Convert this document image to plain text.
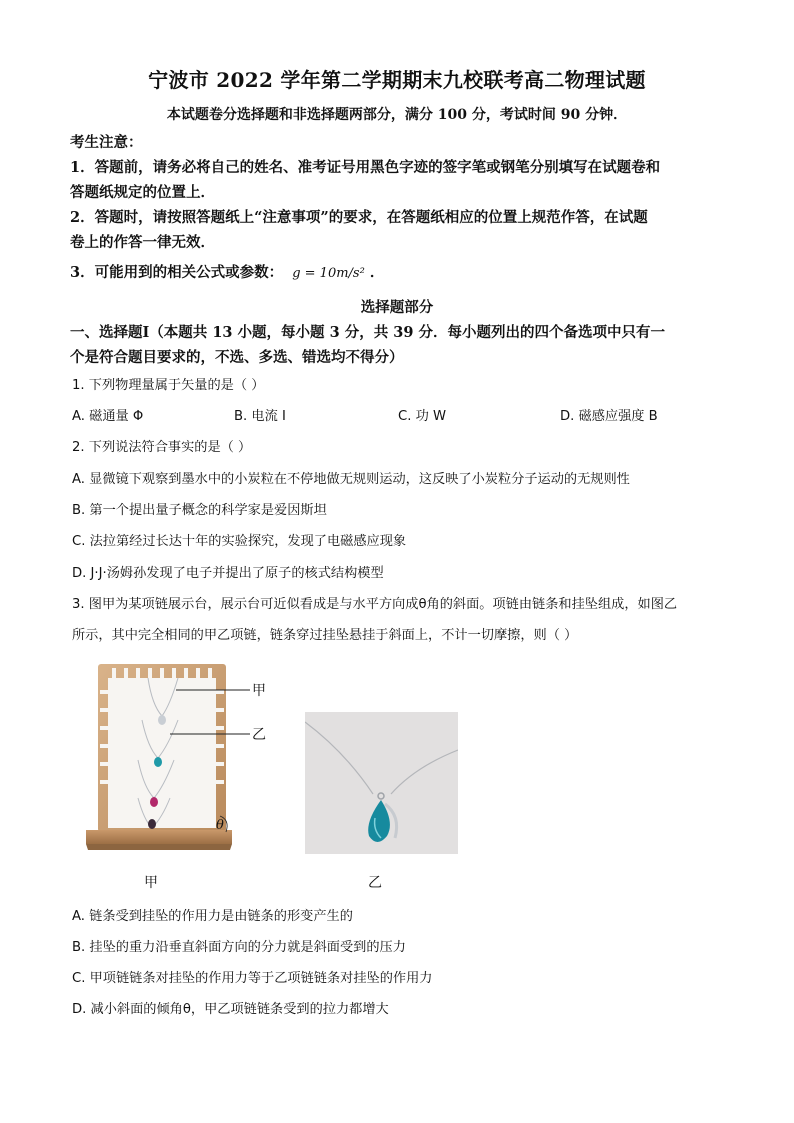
宁波市 2022 学年第二学期期末九校联考高二物理试题
本试题卷分选择题和非选择题两部分，满分 100 分，考试时间 90 分钟．
考生注意：
1．答题前，请务必将自己的姓名、准考证号用黑色字迹的签字笔或钢笔分别填写在试题卷和
答题纸规定的位置上．
2．答题时，请按照答题纸上“注意事项”的要求，在答题纸相应的位置上规范作答，在试题
卷上的作答一律无效．
3．可能用到的相关公式或参数： g = 10m/s² ．
选择题部分
一、选择题Ⅰ（本题共 13 小题，每小题 3 分，共 39 分．每小题列出的四个备选项中只有一
个是符合题目要求的，不选、多选、错选均不得分）
1. 下列物理量属于矢量的是（ ）
A. 磁通量 Φ	B. 电流 I	C. 功 W	D. 磁感应强度 B
2. 下列说法符合事实的是（ ）
A. 显微镜下观察到墨水中的小炭粒在不停地做无规则运动，这反映了小炭粒分子运动的无规则性
B. 第一个提出量子概念的科学家是爱因斯坦
C. 法拉第经过长达十年的实验探究，发现了电磁感应现象
D. J·J·汤姆孙发现了电子并提出了原子的核式结构模型
3. 图甲为某项链展示台，展示台可近似看成是与水平方向成θ角的斜面。项链由链条和挂坠组成，如图乙
所示，其中完全相同的甲乙项链，链条穿过挂坠悬挂于斜面上，不计一切摩擦，则（ ）
甲
乙
θ
甲	乙
A. 链条受到挂坠的作用力是由链条的形变产生的
B. 挂坠的重力沿垂直斜面方向的分力就是斜面受到的压力
C. 甲项链链条对挂坠的作用力等于乙项链链条对挂坠的作用力
D. 减小斜面的倾角θ，甲乙项链链条受到的拉力都增大
